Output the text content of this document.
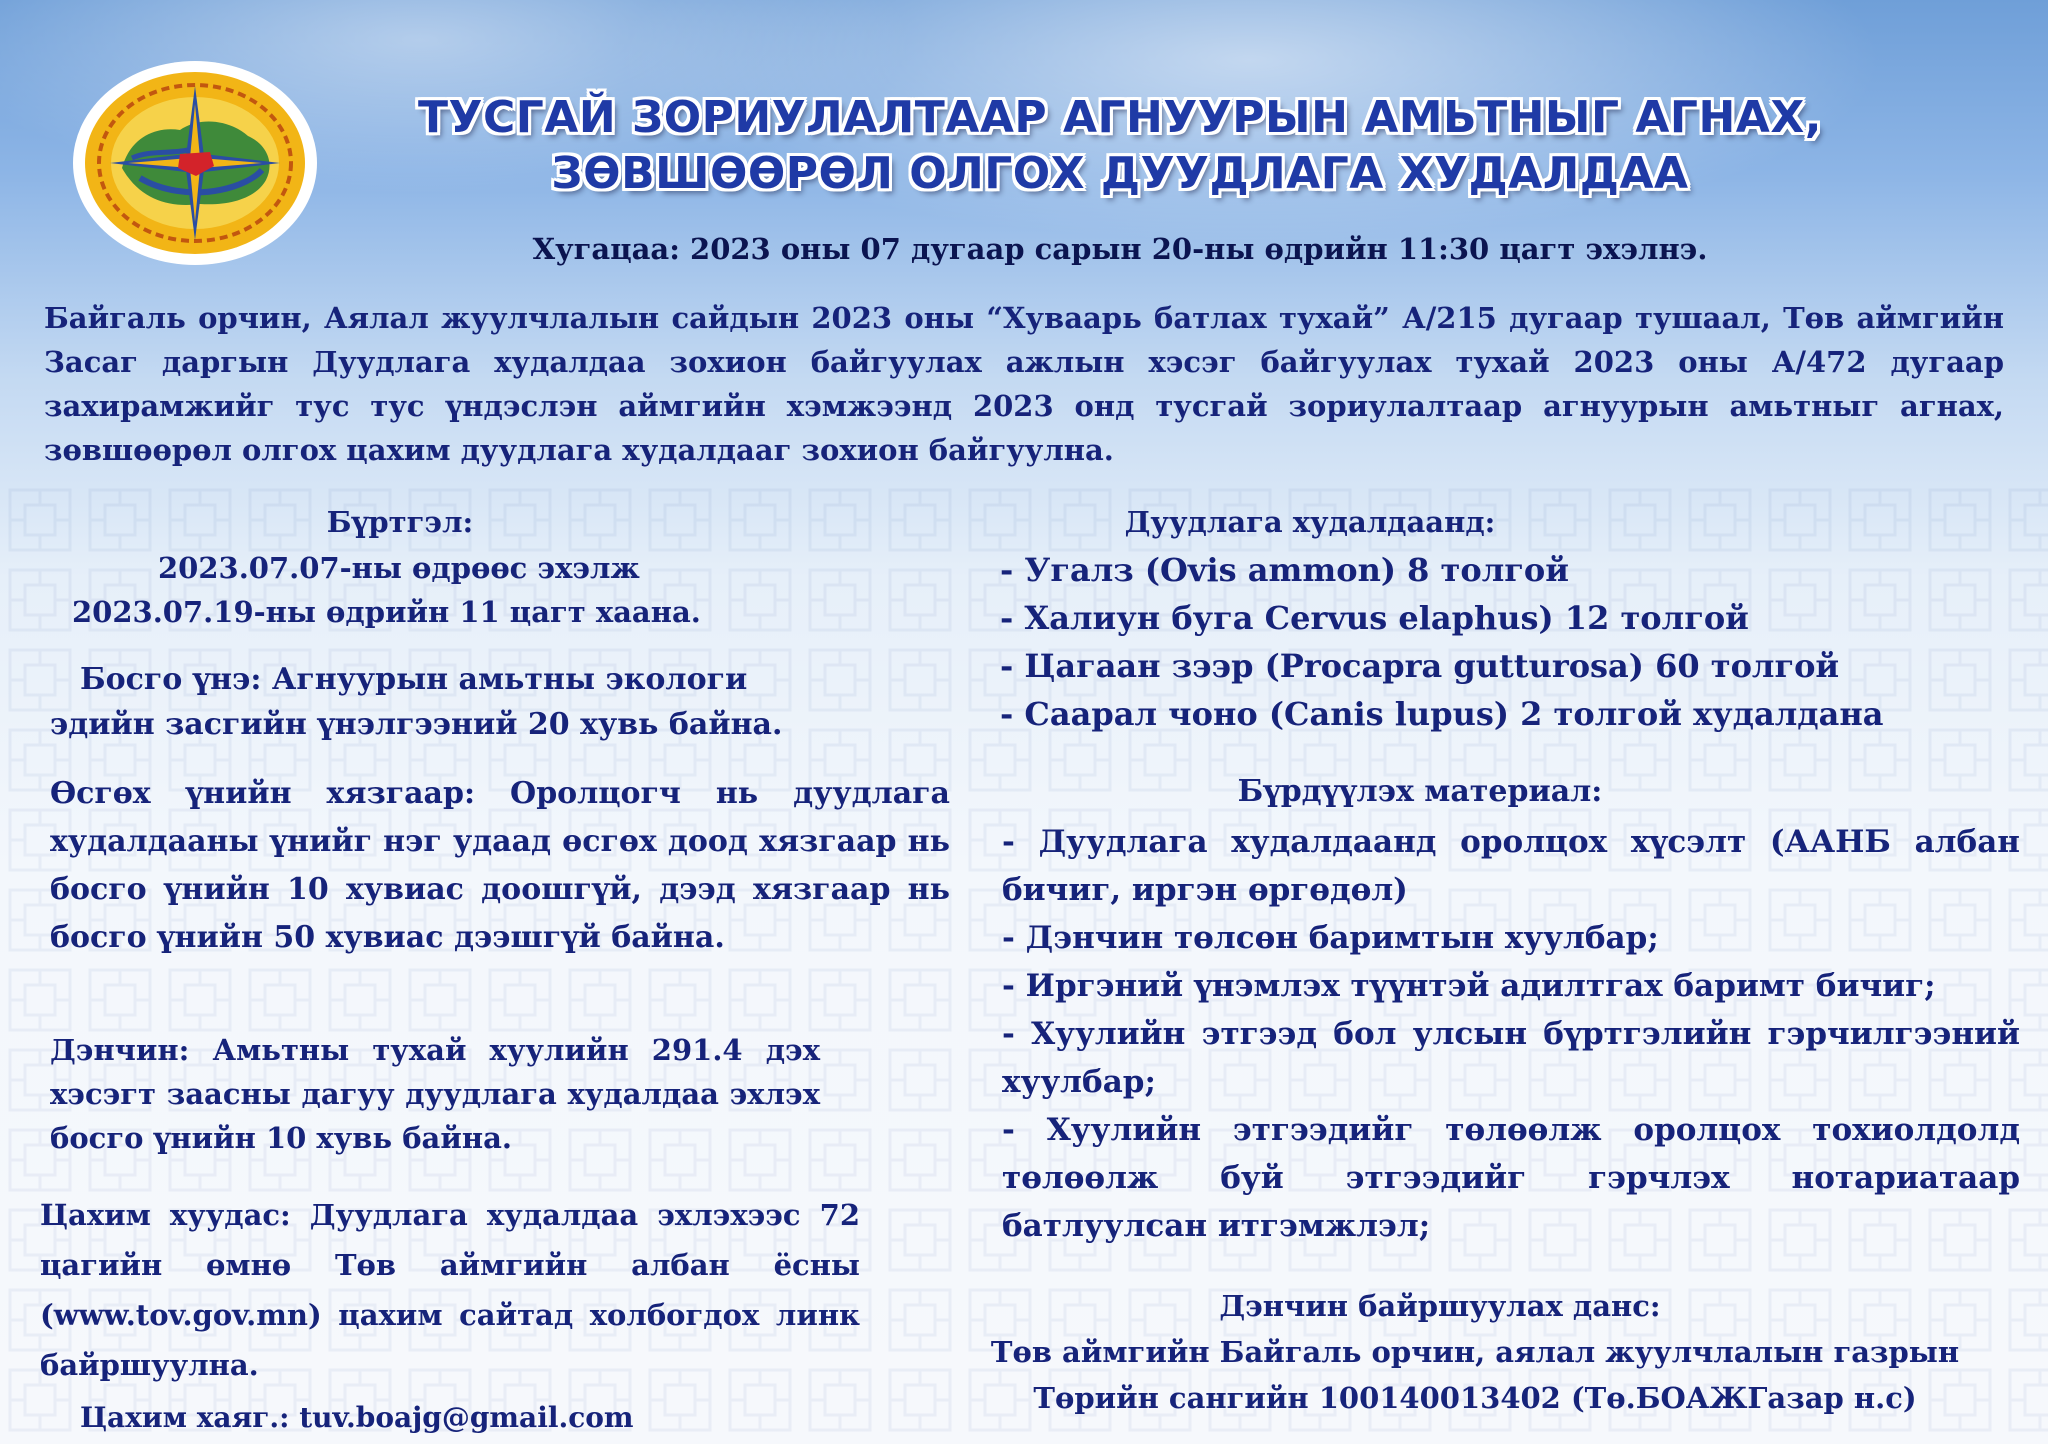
ТУСГАЙ ЗОРИУЛАЛТААР АГНУУРЫН АМЬТНЫГ АГНАХ,
ЗӨВШӨӨРӨЛ ОЛГОХ ДУУДЛАГА ХУДАЛДАА
Хугацаа: 2023 оны 07 дугаар сарын 20-ны өдрийн 11:30 цагт эхэлнэ.
Байгаль орчин, Аялал жуулчлалын сайдын 2023 оны “Хуваарь батлах тухай” А/215 дугаар тушаал, Төв аймгийн Засаг даргын Дуудлага худалдаа зохион байгуулах ажлын хэсэг байгуулах тухай 2023 оны А/472 дугаар захирамжийг тус тус үндэслэн аймгийн хэмжээнд 2023 онд тусгай зориулалтаар агнуурын амьтныг агнах, зөвшөөрөл олгох цахим дуудлага худалдааг зохион байгуулна.
Бүртгэл:
2023.07.07-ны өдрөөс эхэлж
2023.07.19-ны өдрийн 11 цагт хаана.
Босго үнэ: Агнуурын амьтны экологи
эдийн засгийн үнэлгээний 20 хувь байна.
Өсгөх үнийн хязгаар: Оролцогч нь дуудлага худалдааны үнийг нэг удаад өсгөх доод хязгаар нь босго үнийн 10 хувиас доошгүй, дээд хязгаар нь босго үнийн 50 хувиас дээшгүй байна.
Дэнчин: Амьтны тухай хуулийн 291.4 дэх хэсэгт заасны дагуу дуудлага худалдаа эхлэх босго үнийн 10 хувь байна.
Цахим хуудас: Дуудлага худалдаа эхлэхээс 72 цагийн өмнө Төв аймгийн албан ёсны (www.tov.gov.mn) цахим сайтад холбогдох линк байршуулна.
Цахим хаяг.: tuv.boajg@gmail.com
Дуудлага худалдаанд:
- Угалз (Ovis ammon) 8 толгой
- Халиун буга Cervus elaphus) 12 толгой
- Цагаан зээр (Procapra gutturosa) 60 толгой
- Саарал чоно (Canis lupus) 2 толгой худалдана
Бүрдүүлэх материал:
- Дуудлага худалдаанд оролцох хүсэлт (ААНБ албан бичиг, иргэн өргөдөл)
- Дэнчин төлсөн баримтын хуулбар;
- Иргэний үнэмлэх түүнтэй адилтгах баримт бичиг;
- Хуулийн этгээд бол улсын бүртгэлийн гэрчилгээний хуулбар;
- Хуулийн этгээдийг төлөөлж оролцох тохиолдолд төлөөлж буй этгээдийг гэрчлэх нотариатаар батлуулсан итгэмжлэл;
Дэнчин байршуулах данс:
Төв аймгийн Байгаль орчин, аялал жуулчлалын газрын
Төрийн сангийн 100140013402 (Тө.БОАЖГазар н.с)
